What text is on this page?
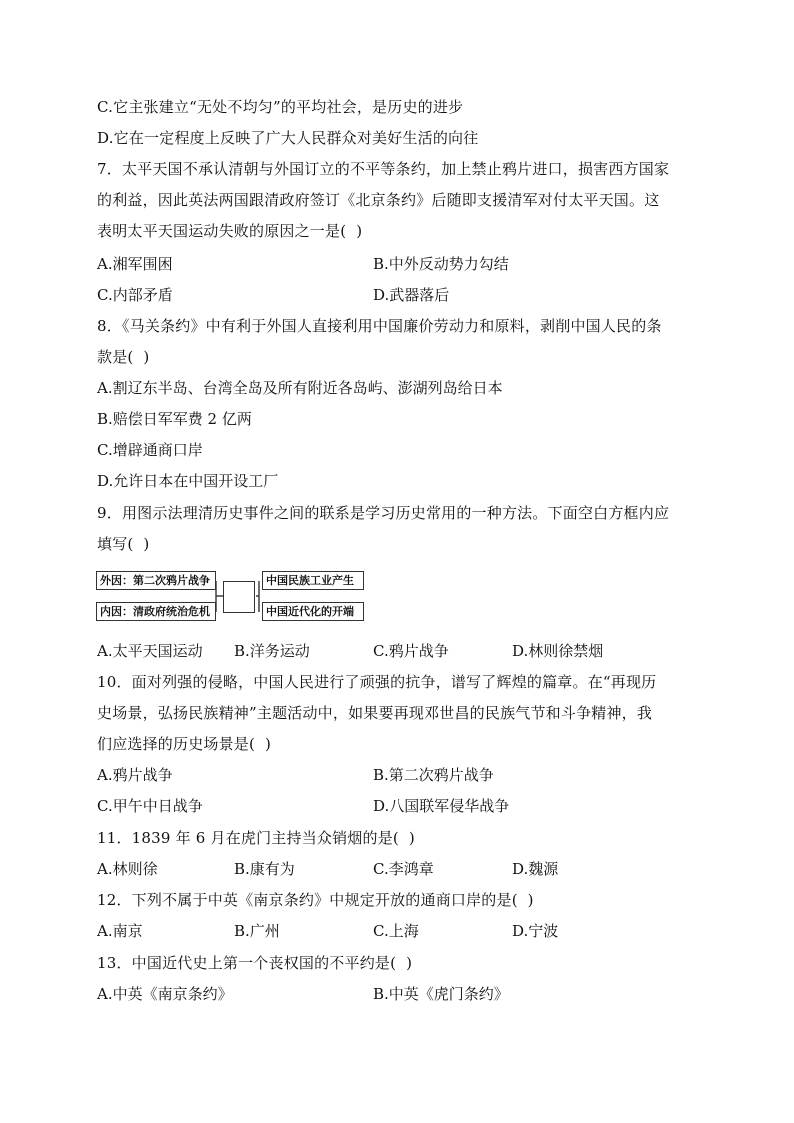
C.它主张建立“无处不均匀”的平均社会，是历史的进步
D.它在一定程度上反映了广大人民群众对美好生活的向往
7．太平天国不承认清朝与外国订立的不平等条约，加上禁止鸦片进口，损害西方国家
的利益，因此英法两国跟清政府签订《北京条约》后随即支援清军对付太平天国。这
表明太平天国运动失败的原因之一是(  )
A.湘军围困	B.中外反动势力勾结
C.内部矛盾	D.武器落后
8．《马关条约》中有利于外国人直接利用中国廉价劳动力和原料，剥削中国人民的条
款是(  )
A.割辽东半岛、台湾全岛及所有附近各岛屿、澎湖列岛给日本
B.赔偿日军军费 2 亿两
C.增辟通商口岸
D.允许日本在中国开设工厂
9．用图示法理清历史事件之间的联系是学习历史常用的一种方法。下面空白方框内应
填写(  )
外因：第二次鸦片战争
内因：清政府统治危机
中国民族工业产生
中国近代化的开端
A.太平天国运动 B.洋务运动	C.鸦片战争	D.林则徐禁烟
10．面对列强的侵略，中国人民进行了顽强的抗争，谱写了辉煌的篇章。在“再现历
史场景，弘扬民族精神”主题活动中，如果要再现邓世昌的民族气节和斗争精神，我
们应选择的历史场景是(  )
A.鸦片战争	B.第二次鸦片战争
C.甲午中日战争	D.八国联军侵华战争
11．1839 年 6 月在虎门主持当众销烟的是(  )
A.林则徐	B.康有为	C.李鸿章	D.魏源
12．下列不属于中英《南京条约》中规定开放的通商口岸的是(  )
A.南京	B.广州	C.上海	D.宁波
13．中国近代史上第一个丧权国的不平约是(  )
A.中英《南京条约》	B.中英《虎门条约》
